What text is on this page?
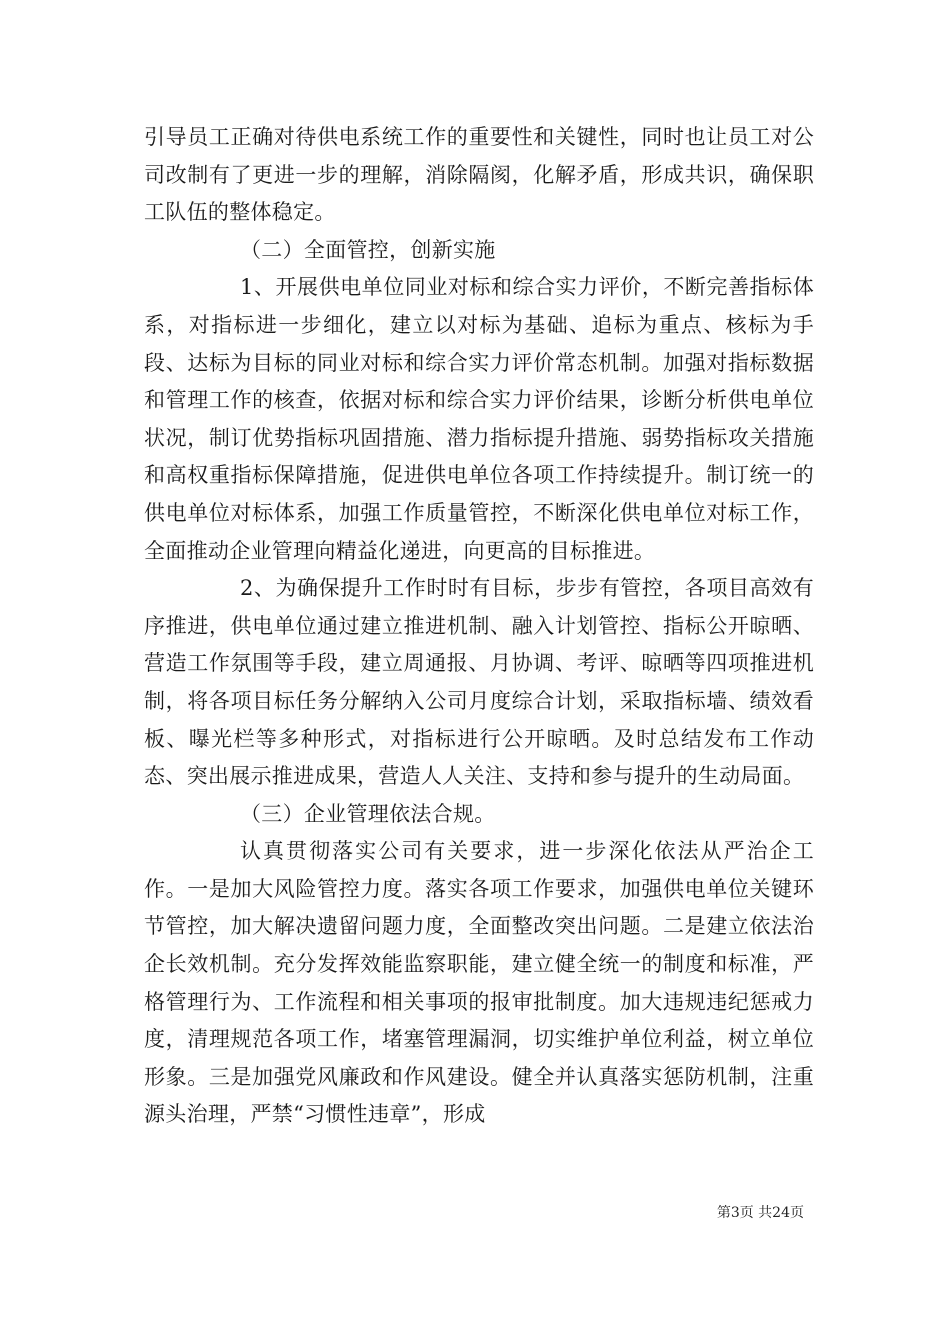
引导员工正确对待供电系统工作的重要性和关键性，同时也让员工对公司改制有了更进一步的理解，消除隔阂，化解矛盾，形成共识，确保职工队伍的整体稳定。

（二）全面管控，创新实施

1、开展供电单位同业对标和综合实力评价，不断完善指标体系，对指标进一步细化，建立以对标为基础、追标为重点、核标为手段、达标为目标的同业对标和综合实力评价常态机制。加强对指标数据和管理工作的核查，依据对标和综合实力评价结果，诊断分析供电单位状况，制订优势指标巩固措施、潜力指标提升措施、弱势指标攻关措施和高权重指标保障措施，促进供电单位各项工作持续提升。制订统一的供电单位对标体系，加强工作质量管控，不断深化供电单位对标工作，全面推动企业管理向精益化递进，向更高的目标推进。

2、为确保提升工作时时有目标，步步有管控，各项目高效有序推进，供电单位通过建立推进机制、融入计划管控、指标公开晾晒、营造工作氛围等手段，建立周通报、月协调、考评、晾晒等四项推进机制，将各项目标任务分解纳入公司月度综合计划，采取指标墙、绩效看板、曝光栏等多种形式，对指标进行公开晾晒。及时总结发布工作动态、突出展示推进成果，营造人人关注、支持和参与提升的生动局面。

（三）企业管理依法合规。

认真贯彻落实公司有关要求，进一步深化依法从严治企工作。一是加大风险管控力度。落实各项工作要求，加强供电单位关键环节管控，加大解决遗留问题力度，全面整改突出问题。二是建立依法治企长效机制。充分发挥效能监察职能，建立健全统一的制度和标准，严格管理行为、工作流程和相关事项的报审批制度。加大违规违纪惩戒力度，清理规范各项工作，堵塞管理漏洞，切实维护单位利益，树立单位形象。三是加强党风廉政和作风建设。健全并认真落实惩防机制，注重源头治理，严禁“习惯性违章”，形成

第3页 共24页
